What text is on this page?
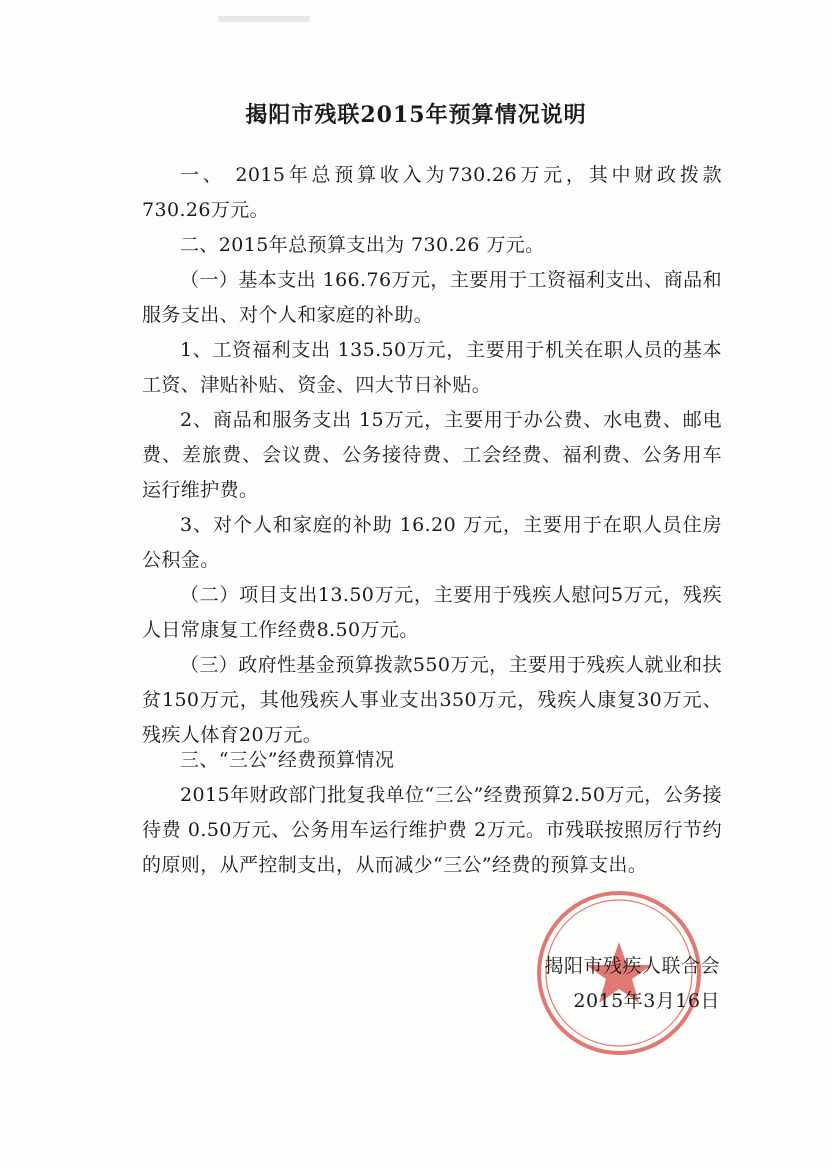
揭阳市残联2015年预算情况说明

一、 2015年总预算收入为730.26万元，其中财政拨款730.26万元。

二、2015年总预算支出为 730.26 万元。

（一）基本支出 166.76万元，主要用于工资福利支出、商品和服务支出、对个人和家庭的补助。

1、工资福利支出 135.50万元，主要用于机关在职人员的基本工资、津贴补贴、资金、四大节日补贴。

2、商品和服务支出 15万元，主要用于办公费、水电费、邮电费、差旅费、会议费、公务接待费、工会经费、福利费、公务用车运行维护费。

3、对个人和家庭的补助 16.20 万元，主要用于在职人员住房公积金。

（二）项目支出13.50万元，主要用于残疾人慰问5万元，残疾人日常康复工作经费8.50万元。

（三）政府性基金预算拨款550万元，主要用于残疾人就业和扶贫150万元，其他残疾人事业支出350万元，残疾人康复30万元、残疾人体育20万元。

三、“三公”经费预算情况

2015年财政部门批复我单位“三公”经费预算2.50万元，公务接待费 0.50万元、公务用车运行维护费 2万元。市残联按照厉行节约的原则，从严控制支出，从而减少“三公”经费的预算支出。

揭阳市残疾人联合会

2015年3月16日
